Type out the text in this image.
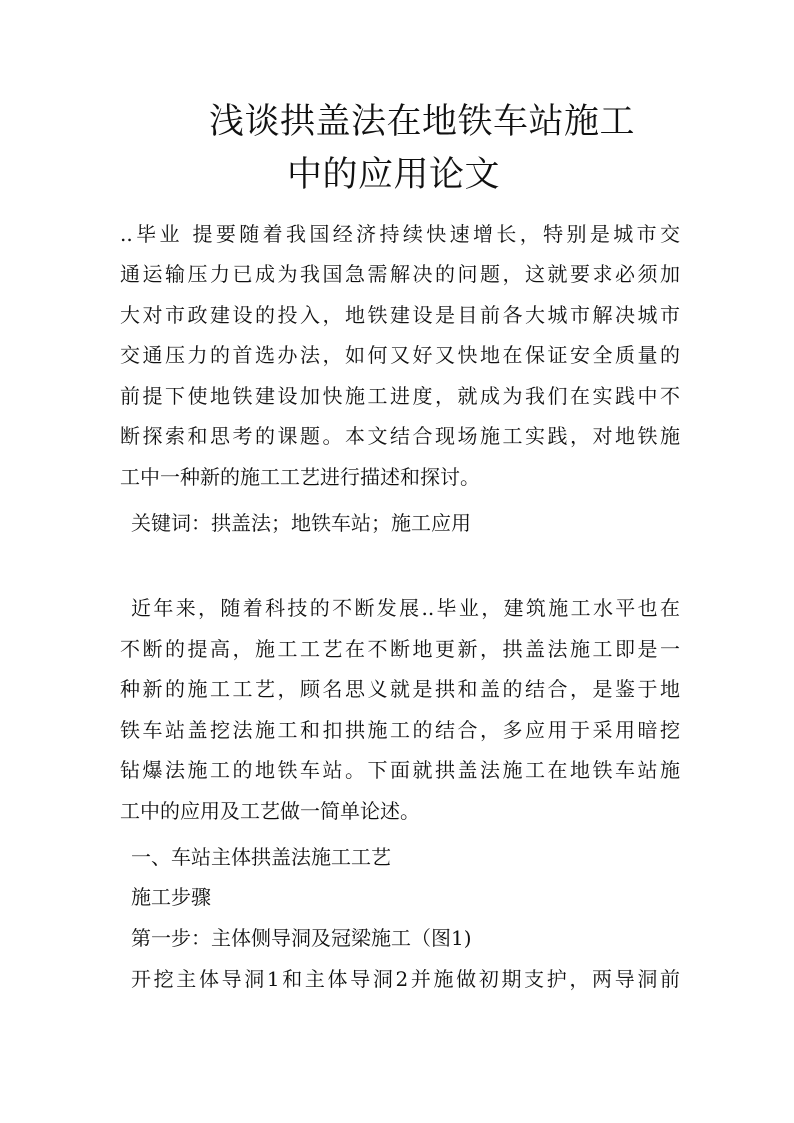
浅谈拱盖法在地铁车站施工
中的应用论文
..毕业 提要随着我国经济持续快速增长，特别是城市交
通运输压力已成为我国急需解决的问题，这就要求必须加
大对市政建设的投入，地铁建设是目前各大城市解决城市
交通压力的首选办法，如何又好又快地在保证安全质量的
前提下使地铁建设加快施工进度，就成为我们在实践中不
断探索和思考的课题。本文结合现场施工实践，对地铁施
工中一种新的施工工艺进行描述和探讨。
关键词：拱盖法；地铁车站；施工应用
近年来，随着科技的不断发展..毕业，建筑施工水平也在
不断的提高，施工工艺在不断地更新，拱盖法施工即是一
种新的施工工艺，顾名思义就是拱和盖的结合，是鉴于地
铁车站盖挖法施工和扣拱施工的结合，多应用于采用暗挖
钻爆法施工的地铁车站。下面就拱盖法施工在地铁车站施
工中的应用及工艺做一简单论述。
一、车站主体拱盖法施工工艺
施工步骤
第一步：主体侧导洞及冠梁施工（图1)
开挖主体导洞1和主体导洞2并施做初期支护，两导洞前
